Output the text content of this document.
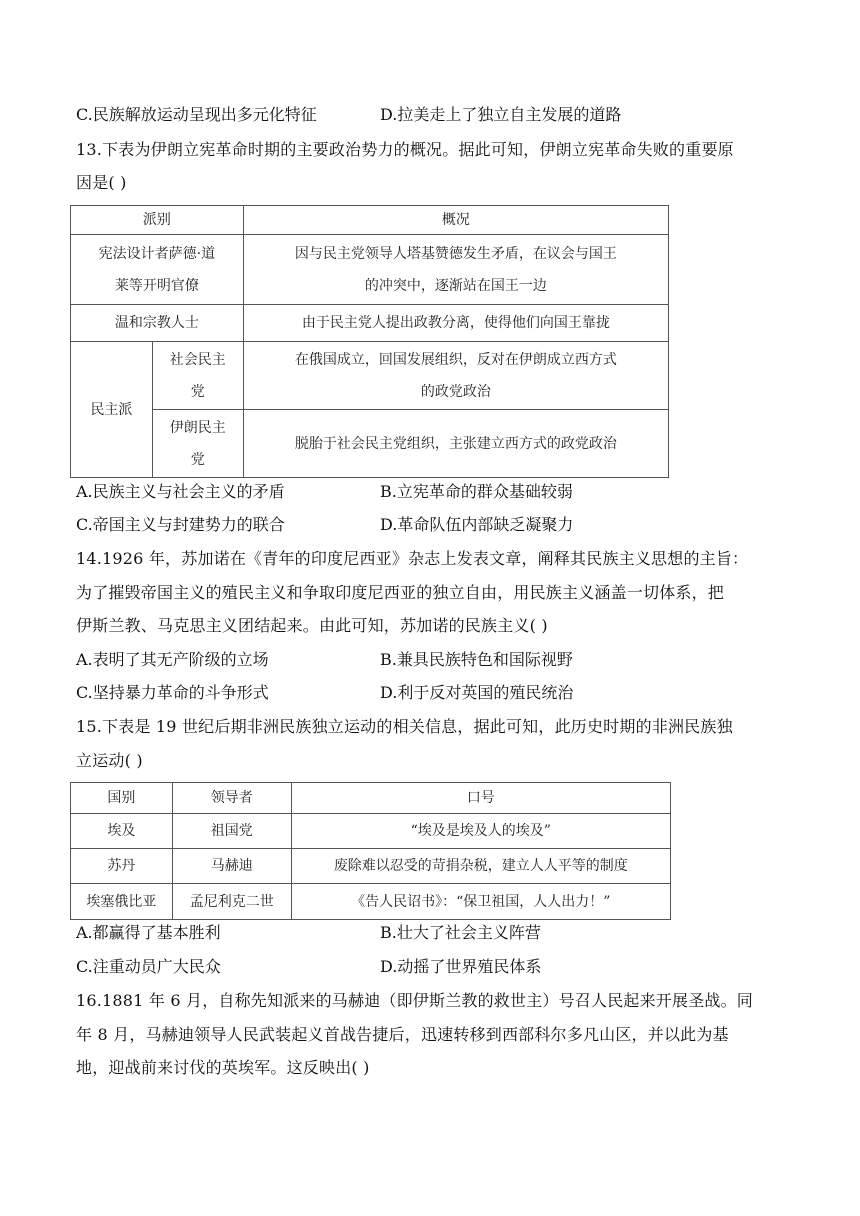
C.民族解放运动呈现出多元化特征	D.拉美走上了独立自主发展的道路
13.下表为伊朗立宪革命时期的主要政治势力的概况。据此可知，伊朗立宪革命失败的重要原
因是( )
派别		概况

宪法设计者萨德·道
莱等开明官僚		因与民主党领导人塔基赞德发生矛盾，在议会与国王
的冲突中，逐渐站在国王一边

温和宗教人士		由于民主党人提出政教分离，使得他们向国王靠拢
民主派	社会民主
党	在俄国成立，回国发展组织，反对在伊朗成立西方式
的政党政治

	伊朗民主
党	脱胎于社会民主党组织，主张建立西方式的政党政治
A.民族主义与社会主义的矛盾	B.立宪革命的群众基础较弱
C.帝国主义与封建势力的联合	D.革命队伍内部缺乏凝聚力
14.1926 年，苏加诺在《青年的印度尼西亚》杂志上发表文章，阐释其民族主义思想的主旨：
为了摧毁帝国主义的殖民主义和争取印度尼西亚的独立自由，用民族主义涵盖一切体系，把
伊斯兰教、马克思主义团结起来。由此可知，苏加诺的民族主义( )
A.表明了其无产阶级的立场	B.兼具民族特色和国际视野
C.坚持暴力革命的斗争形式	D.利于反对英国的殖民统治
15.下表是 19 世纪后期非洲民族独立运动的相关信息，据此可知，此历史时期的非洲民族独
立运动( )
国别	领导者	口号
埃及	祖国党	“埃及是埃及人的埃及”
苏丹	马赫迪	废除难以忍受的苛捐杂税，建立人人平等的制度
埃塞俄比亚	孟尼利克二世	《告人民诏书》：“保卫祖国，人人出力！”
A.都赢得了基本胜利	B.壮大了社会主义阵营
C.注重动员广大民众	D.动摇了世界殖民体系
16.1881 年 6 月，自称先知派来的马赫迪（即伊斯兰教的救世主）号召人民起来开展圣战。同
年 8 月，马赫迪领导人民武装起义首战告捷后，迅速转移到西部科尔多凡山区，并以此为基
地，迎战前来讨伐的英埃军。这反映出( )
